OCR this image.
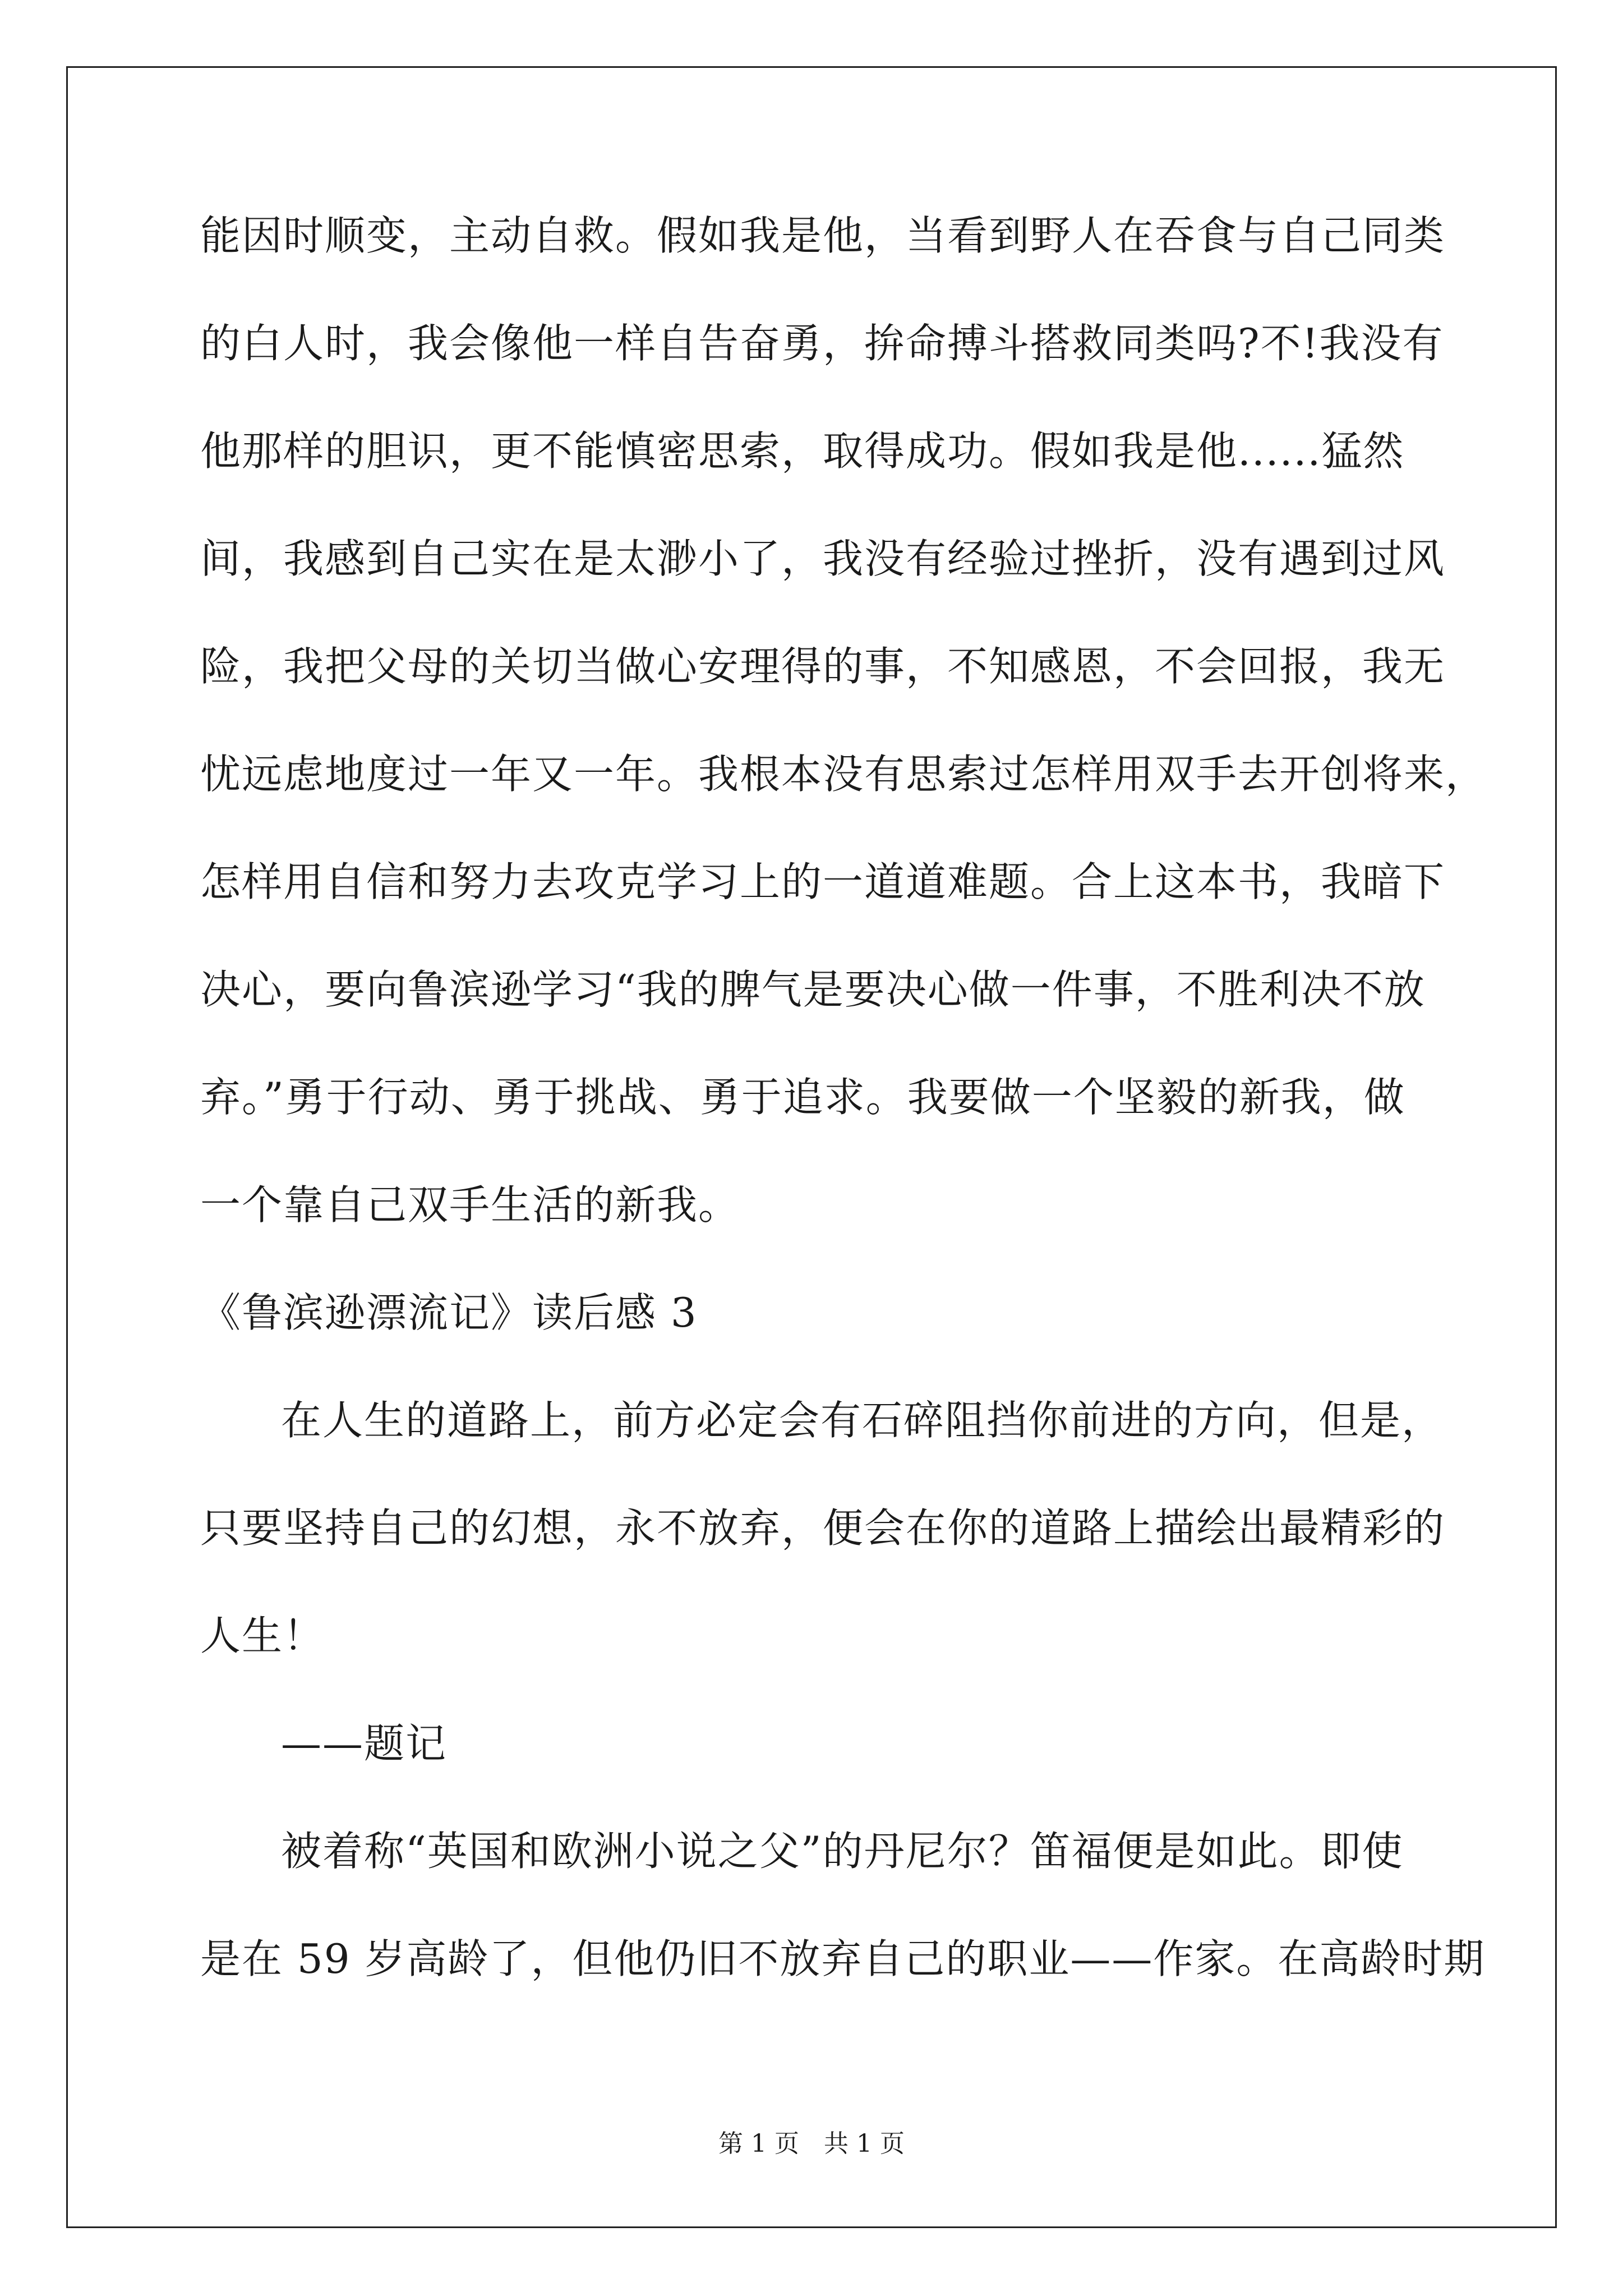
能因时顺变，主动自救。假如我是他，当看到野人在吞食与自己同类
的白人时，我会像他一样自告奋勇，拚命搏斗搭救同类吗?不!我没有
他那样的胆识，更不能慎密思索，取得成功。假如我是他......猛然
间，我感到自己实在是太渺小了，我没有经验过挫折，没有遇到过风
险，我把父母的关切当做心安理得的事，不知感恩，不会回报，我无
忧远虑地度过一年又一年。我根本没有思索过怎样用双手去开创将来，
怎样用自信和努力去攻克学习上的一道道难题。合上这本书，我暗下
决心，要向鲁滨逊学习“我的脾气是要决心做一件事，不胜利决不放
弃。”勇于行动、勇于挑战、勇于追求。我要做一个坚毅的新我，做
一个靠自己双手生活的新我。
《鲁滨逊漂流记》读后感 3
在人生的道路上，前方必定会有石碎阻挡你前进的方向，但是，
只要坚持自己的幻想，永不放弃，便会在你的道路上描绘出最精彩的
人生！
——题记
被着称“英国和欧洲小说之父”的丹尼尔？笛福便是如此。即使
是在 59 岁高龄了，但他仍旧不放弃自己的职业——作家。在高龄时期
第 1 页　共 1 页
